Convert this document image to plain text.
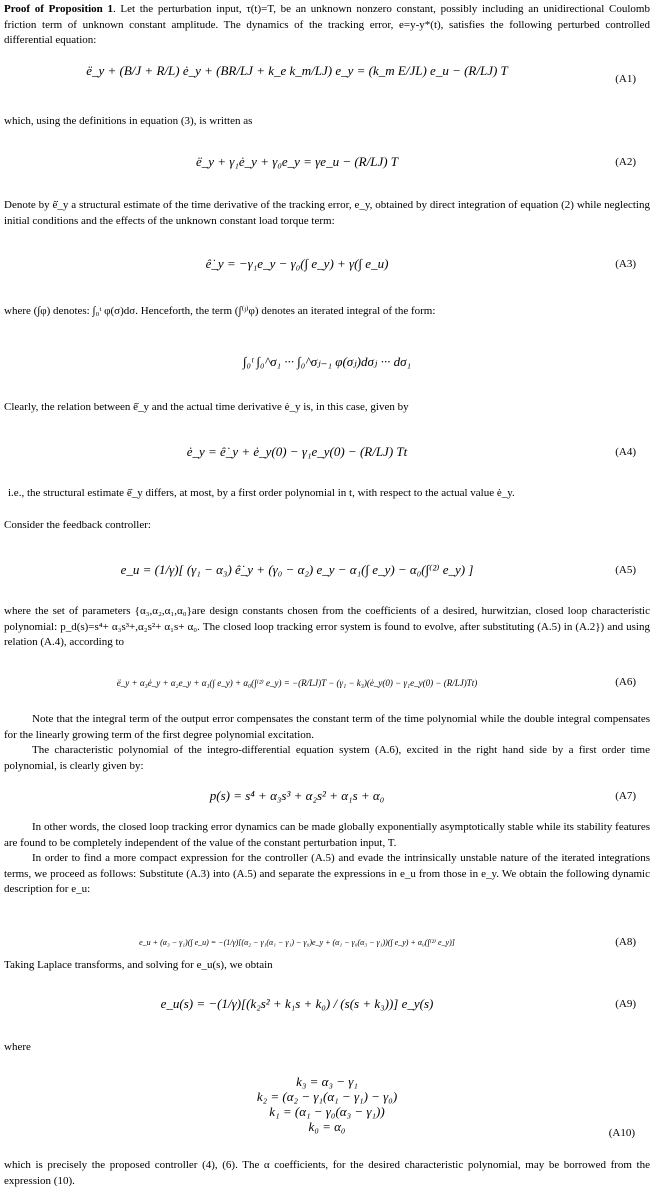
Proof of Proposition 1. Let the perturbation input, τ(t)=T, be an unknown nonzero constant, possibly including an unidirectional Coulomb friction term of unknown constant amplitude. The dynamics of the tracking error, e=y-y*(t), satisfies the following perturbed controlled differential equation:

ë_y + (B/J + R/L) ė_y + (BR/LJ + k_e k_m/LJ) e_y = (k_m E/JL) e_u − (R/LJ) T
(A1)

which, using the definitions in equation (3), is written as

ë_y + γ₁ė_y + γ₀e_y = γe_u − (R/LJ) T	(A2)

Denote by ê̇_y a structural estimate of the time derivative of the tracking error, e_y, obtained by direct integration of equation (2) while neglecting initial conditions and the effects of the unknown constant load torque term:

ê̇_y = −γ₁e_y − γ₀(∫ e_y) + γ(∫ e_u)	(A3)

where (∫φ) denotes: ∫₀ᵗ φ(σ)dσ. Henceforth, the term (∫⁽ʲ⁾φ) denotes an iterated integral of the form:

∫₀ᵗ ∫₀^σ₁ ··· ∫₀^σⱼ₋₁ φ(σⱼ)dσⱼ ··· dσ₁

Clearly, the relation between ê̇_y and the actual time derivative ė_y is, in this case, given by

ė_y = ê̇_y + ė_y(0) − γ₁e_y(0) − (R/LJ) Tt	(A4)

i.e., the structural estimate ê̇_y differs, at most, by a first order polynomial in t, with respect to the actual value ė_y.

Consider the feedback controller:

e_u = (1/γ)[ (γ₁ − α₃) ê̇_y + (γ₀ − α₂) e_y − α₁(∫ e_y) − α₀(∫⁽²⁾ e_y) ]	(A5)

where the set of parameters {α₃,α₂,α₁,α₀}are design constants chosen from the coefficients of a desired, hurwitzian, closed loop characteristic polynomial: p_d(s)=s⁴+ α₃s³+,α₂s²+ α₁s+ α₀. The closed loop tracking error system is found to evolve, after substituting (A.5) in (A.2}) and using relation (A.4), according to

ë_y + α₃ė_y + α₂e_y + α₁(∫ e_y) + α₀(∫⁽²⁾ e_y) = −(R/LJ)T − (γ₁ − k₃)(ė_y(0) − γ₁e_y(0) − (R/LJ)Tt)	(A6)

Note that the integral term of the output error compensates the constant term of the time polynomial while the double integral compensates for the linearly growing term of the first degree polynomial excitation.

The characteristic polynomial of the integro-differential equation system (A.6), excited in the right hand side by a first order time polynomial, is clearly given by:

p(s) = s⁴ + α₃s³ + α₂s² + α₁s + α₀	(A7)

In other words, the closed loop tracking error dynamics can be made globally exponentially asymptotically stable while its stability features are found to be completely independent of the value of the constant perturbation input, T.

In order to find a more compact expression for the controller (A.5) and evade the intrinsically unstable nature of the iterated integrations terms, we proceed as follows: Substitute (A.3) into (A.5) and separate the expressions in e_u from those in e_y. We obtain the following dynamic description for e_u:

e_u + (α₃ − γ₁)(∫ e_u) = −(1/γ)[(α₂ − γ₁(α₁ − γ₁) − γ₀)e_y + (α₁ − γ₀(α₃ − γ₁))(∫ e_y) + α₀(∫⁽²⁾ e_y)]	(A8)

Taking Laplace transforms, and solving for e_u(s), we obtain

e_u(s) = −(1/γ)[(k₂s² + k₁s + k₀) / (s(s + k₃))] e_y(s)	(A9)

where

k₃ = α₃ − γ₁
k₂ = (α₂ − γ₁(α₁ − γ₁) − γ₀)
k₁ = (α₁ − γ₀(α₃ − γ₁))
k₀ = α₀	(A10)

which is precisely the proposed controller (4), (6). The α coefficients, for the desired characteristic polynomial, may be borrowed from the expression (10).
